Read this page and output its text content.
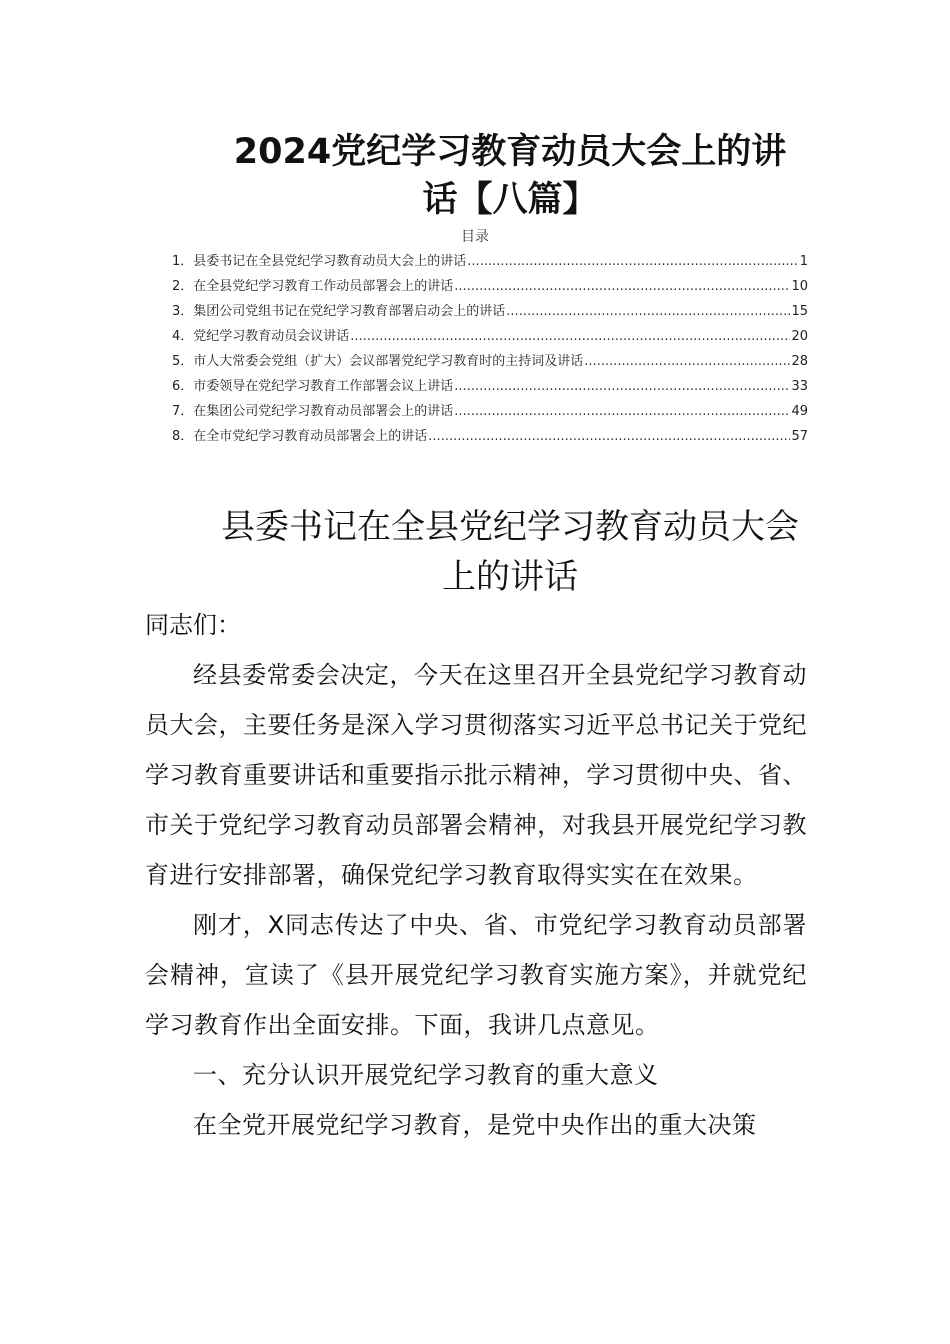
2024党纪学习教育动员大会上的讲话【八篇】
目录
1． 县委书记在全县党纪学习教育动员大会上的讲话 .....	1
2． 在全县党纪学习教育工作动员部署会上的讲话 .....	10
3． 集团公司党组书记在党纪学习教育部署启动会上的讲话 .....	15
4． 党纪学习教育动员会议讲话 .....	20
5． 市人大常委会党组（扩大）会议部署党纪学习教育时的主持词及讲话 .....	28
6． 市委领导在党纪学习教育工作部署会议上讲话 .....	33
7． 在集团公司党纪学习教育动员部署会上的讲话 .....	49
8． 在全市党纪学习教育动员部署会上的讲话 .....	57
县委书记在全县党纪学习教育动员大会上的讲话

同志们：

经县委常委会决定，今天在这里召开全县党纪学习教育动员大会，主要任务是深入学习贯彻落实习近平总书记关于党纪学习教育重要讲话和重要指示批示精神，学习贯彻中央、省、市关于党纪学习教育动员部署会精神，对我县开展党纪学习教育进行安排部署，确保党纪学习教育取得实实在在效果。

刚才，X同志传达了中央、省、市党纪学习教育动员部署会精神，宣读了《县开展党纪学习教育实施方案》，并就党纪学习教育作出全面安排。下面，我讲几点意见。

一、充分认识开展党纪学习教育的重大意义

在全党开展党纪学习教育，是党中央作出的重大决策
